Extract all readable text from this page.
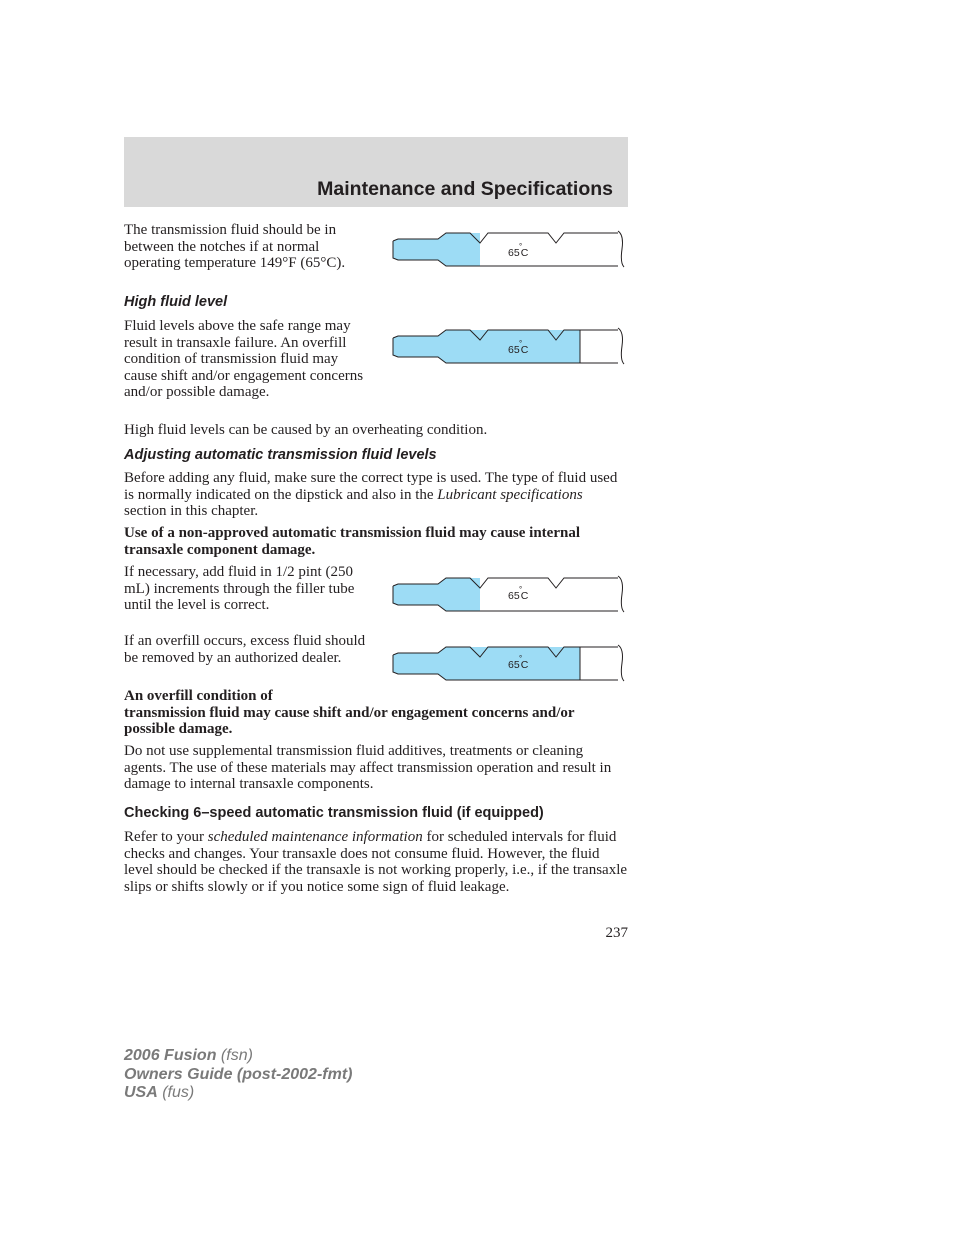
Maintenance and Specifications
The transmission fluid should be in between the notches if at normal operating temperature 149°F (65°C).
65C
°
High fluid level
Fluid levels above the safe range may result in transaxle failure. An overfill condition of transmission fluid may cause shift and/or engagement concerns and/or possible damage.
65C
°
High fluid levels can be caused by an overheating condition.
Adjusting automatic transmission fluid levels
Before adding any fluid, make sure the correct type is used. The type of fluid used is normally indicated on the dipstick and also in the Lubricant specifications section in this chapter.
Use of a non-approved automatic transmission fluid may cause internal transaxle component damage.
If necessary, add fluid in 1/2 pint (250 mL) increments through the filler tube until the level is correct.
65C
°
If an overfill occurs, excess fluid should be removed by an authorized dealer.	65C
°
An overfill condition of
transmission fluid may cause shift and/or engagement concerns and/or possible damage.
Do not use supplemental transmission fluid additives, treatments or cleaning agents. The use of these materials may affect transmission operation and result in damage to internal transaxle components.
Checking 6–speed automatic transmission fluid (if equipped)
Refer to your scheduled maintenance information for scheduled intervals for fluid checks and changes. Your transaxle does not consume fluid. However, the fluid level should be checked if the transaxle is not working properly, i.e., if the transaxle slips or shifts slowly or if you notice some sign of fluid leakage.
237
2006 Fusion (fsn)
Owners Guide (post-2002-fmt)
USA (fus)
